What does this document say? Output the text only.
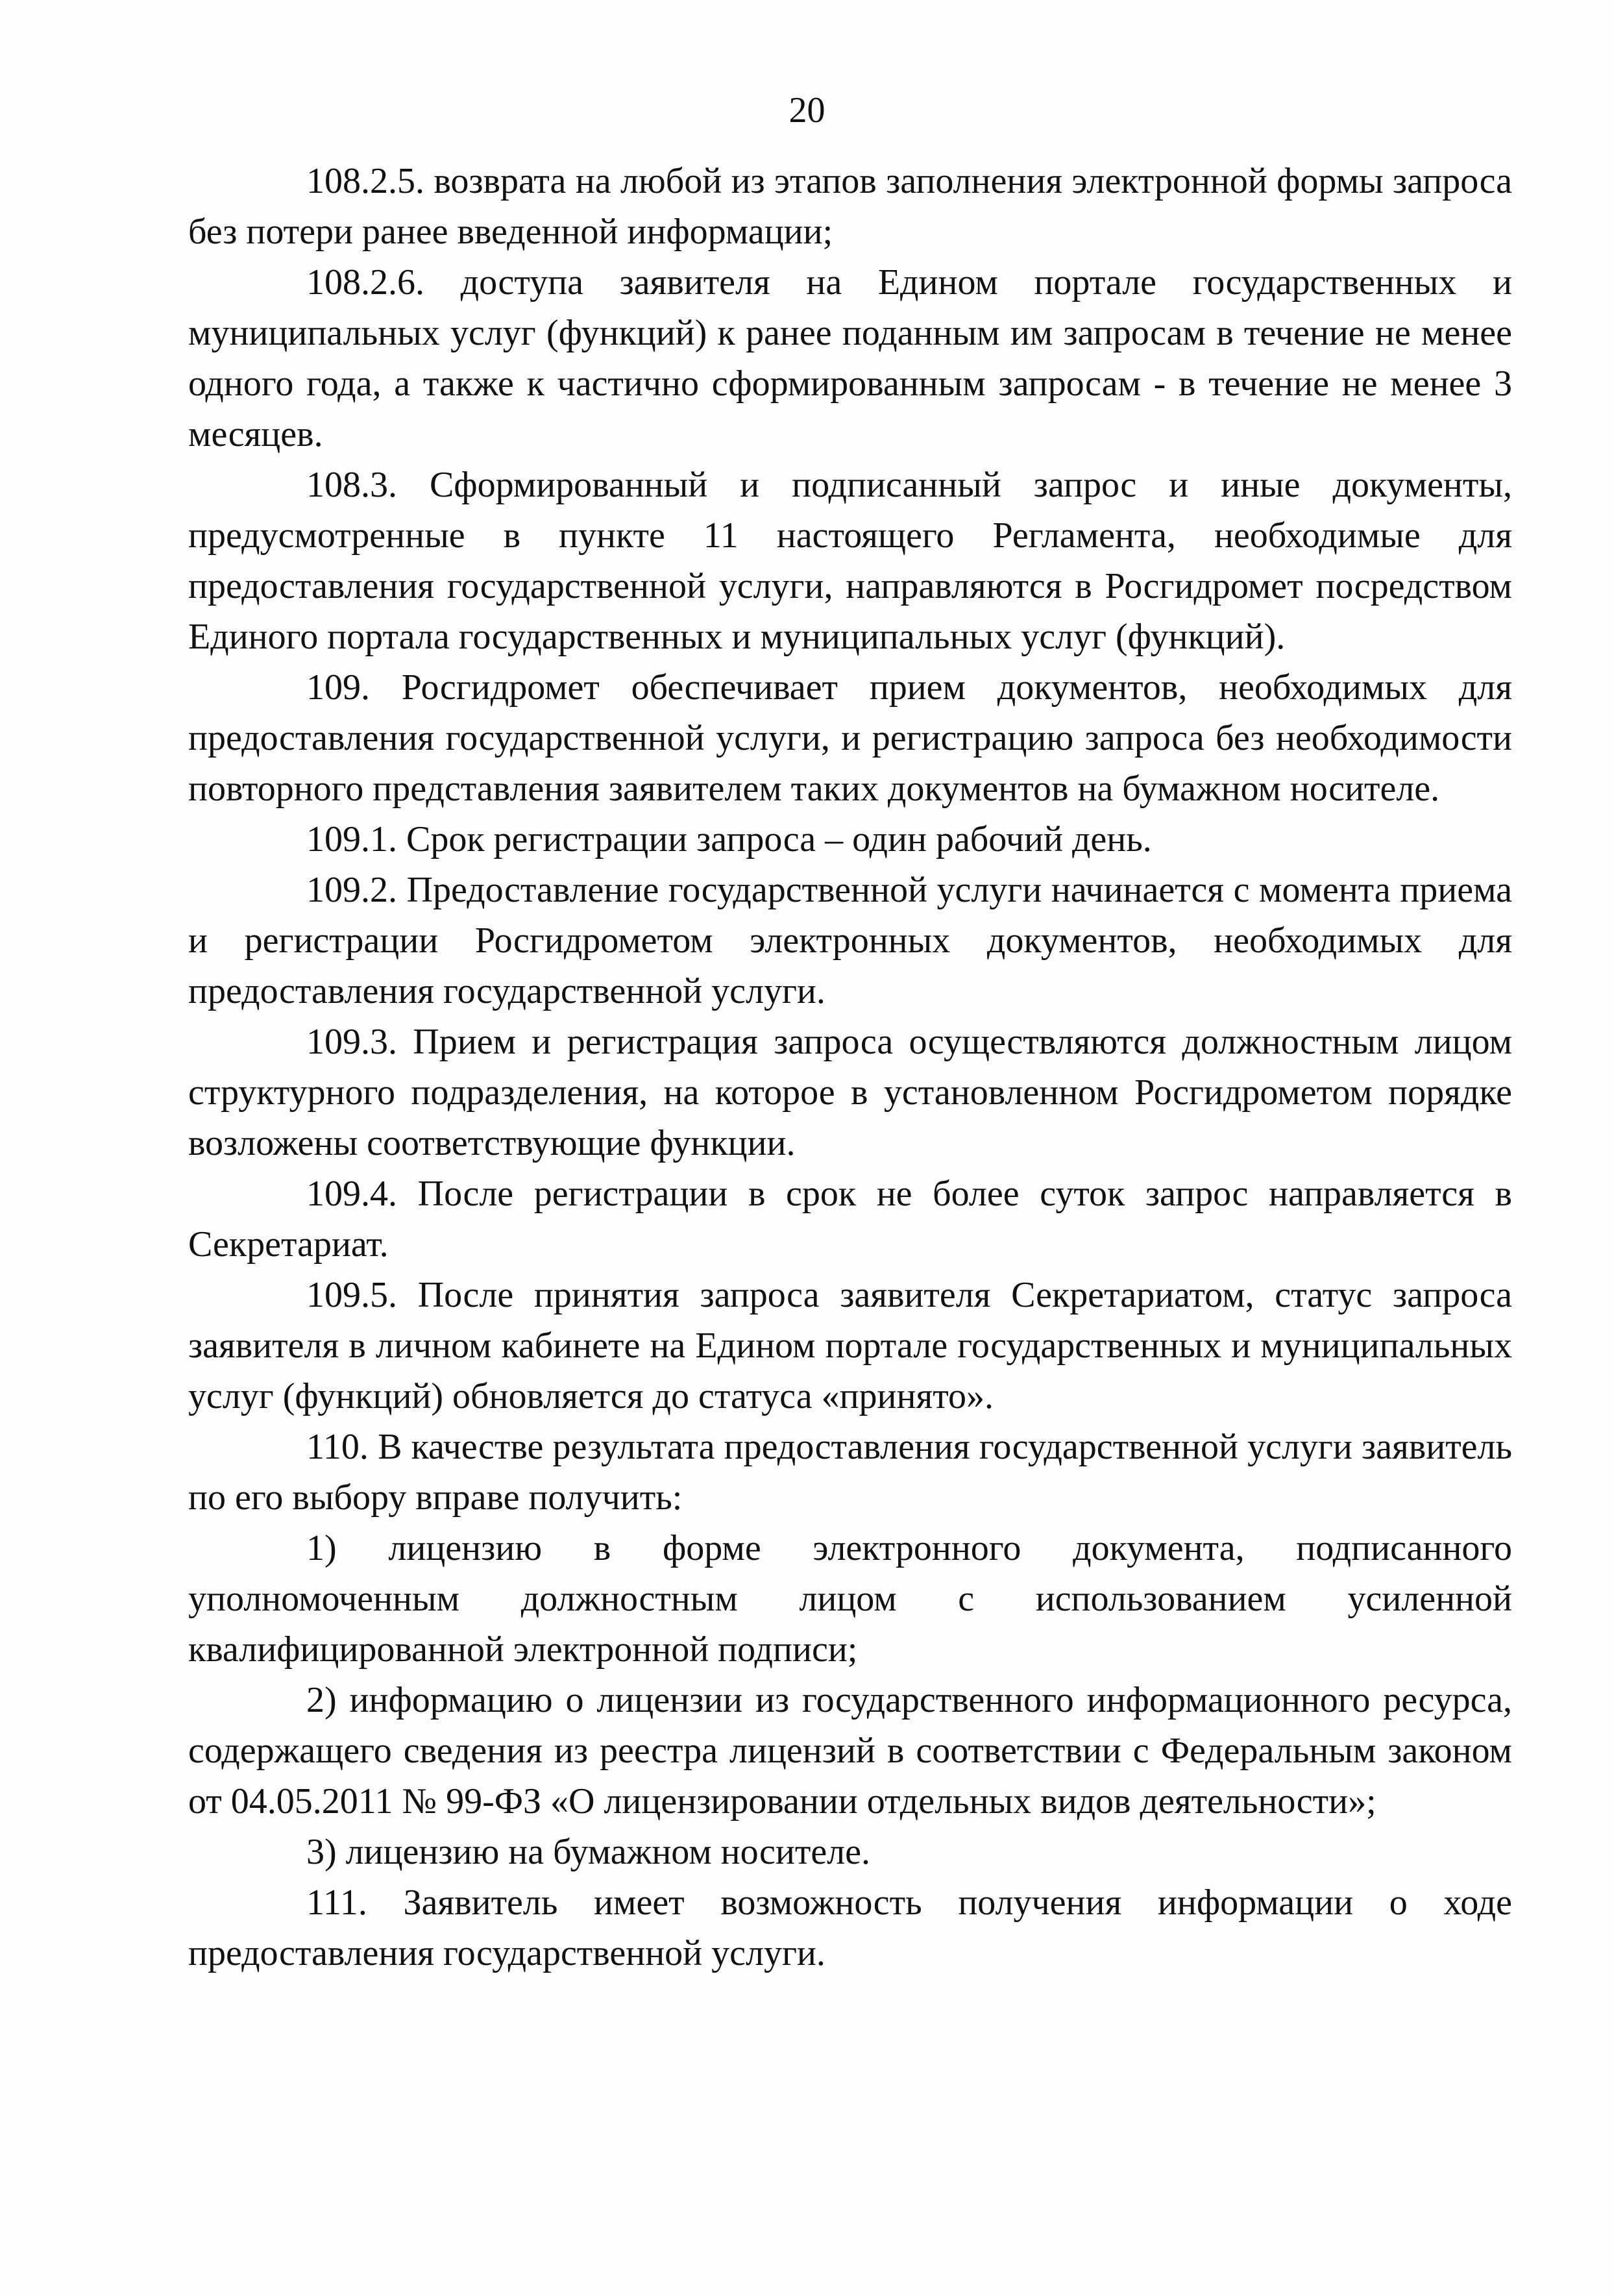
20

108.2.5. возврата на любой из этапов заполнения электронной формы запроса без потери ранее введенной информации;

108.2.6. доступа заявителя на Едином портале государственных и муниципальных услуг (функций) к ранее поданным им запросам в течение не менее одного года, а также к частично сформированным запросам - в течение не менее 3 месяцев.

108.3. Сформированный и подписанный запрос и иные документы, предусмотренные в пункте 11 настоящего Регламента, необходимые для предоставления государственной услуги, направляются в Росгидромет посредством Единого портала государственных и муниципальных услуг (функций).

109. Росгидромет обеспечивает прием документов, необходимых для предоставления государственной услуги, и регистрацию запроса без необходимости повторного представления заявителем таких документов на бумажном носителе.

109.1. Срок регистрации запроса – один рабочий день.

109.2. Предоставление государственной услуги начинается с момента приема и регистрации Росгидрометом электронных документов, необходимых для предоставления государственной услуги.

109.3. Прием и регистрация запроса осуществляются должностным лицом структурного подразделения, на которое в установленном Росгидрометом порядке возложены соответствующие функции.

109.4. После регистрации в срок не более суток запрос направляется в Секретариат.

109.5. После принятия запроса заявителя Секретариатом, статус запроса заявителя в личном кабинете на Едином портале государственных и муниципальных услуг (функций) обновляется до статуса «принято».

110. В качестве результата предоставления государственной услуги заявитель по его выбору вправе получить:

1) лицензию в форме электронного документа, подписанного уполномоченным должностным лицом с использованием усиленной квалифицированной электронной подписи;

2) информацию о лицензии из государственного информационного ресурса, содержащего сведения из реестра лицензий в соответствии с Федеральным законом от 04.05.2011 № 99-ФЗ «О лицензировании отдельных видов деятельности»;

3) лицензию на бумажном носителе.

111. Заявитель имеет возможность получения информации о ходе предоставления государственной услуги.
